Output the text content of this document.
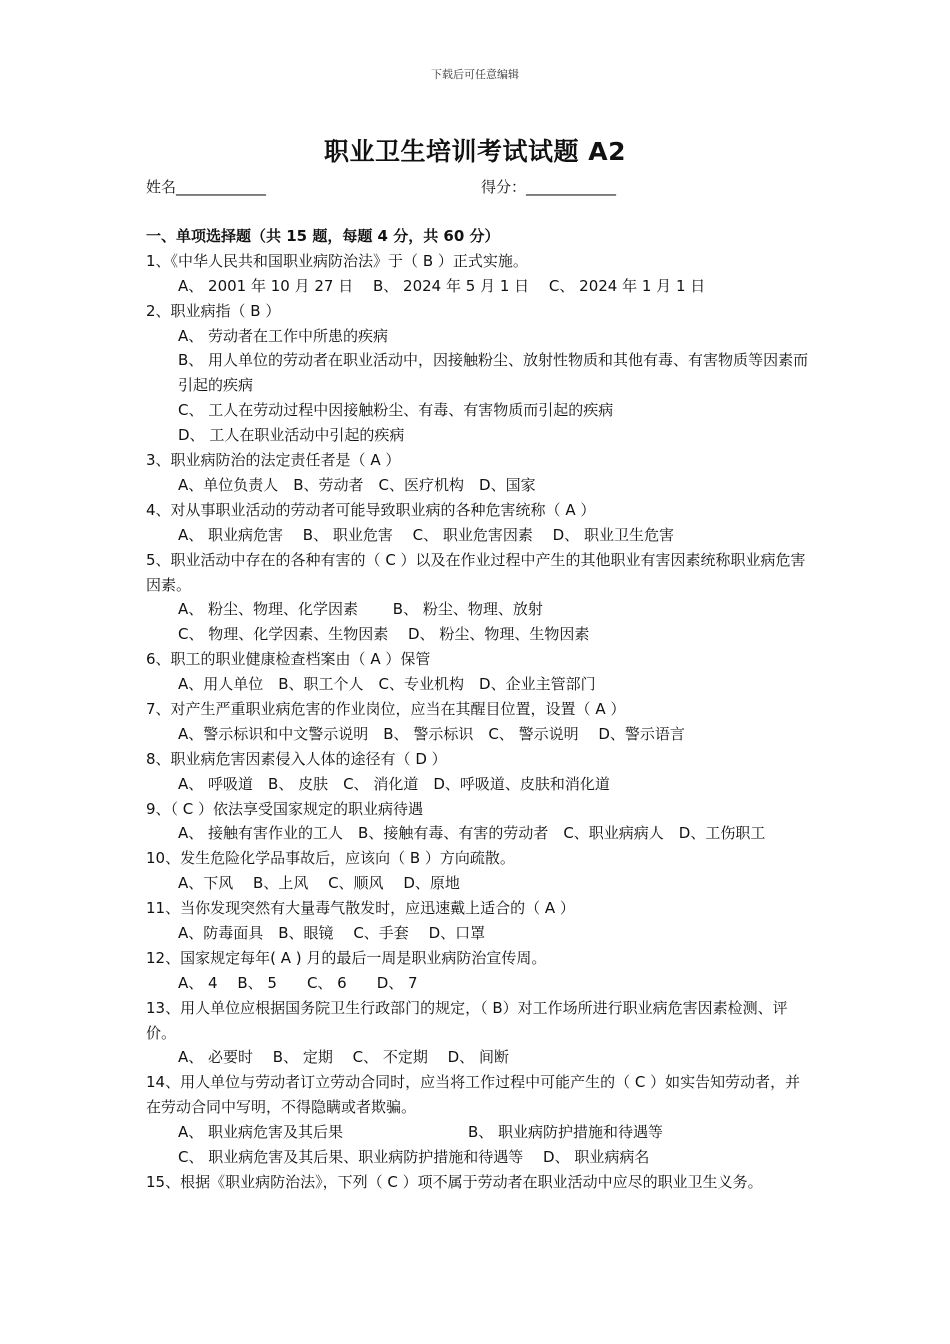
下载后可任意编辑
职业卫生培训考试试题 A2
姓名____________	得分：____________
一、单项选择题（共 15 题，每题 4 分，共 60 分）
1、《中华人民共和国职业病防治法》于（ B ）正式实施。
A、 2001 年 10 月 27 日　 B、 2024 年 5 月 1 日　 C、 2024 年 1 月 1 日
2、职业病指（ B ）
A、 劳动者在工作中所患的疾病
B、 用人单位的劳动者在职业活动中，因接触粉尘、放射性物质和其他有毒、有害物质等因素而引起的疾病
C、 工人在劳动过程中因接触粉尘、有毒、有害物质而引起的疾病
D、 工人在职业活动中引起的疾病
3、职业病防治的法定责任者是（ A ）
A、单位负责人　B、劳动者　C、医疗机构　D、国家
4、对从事职业活动的劳动者可能导致职业病的各种危害统称（ A ）
A、 职业病危害　 B、 职业危害　 C、 职业危害因素　 D、 职业卫生危害
5、职业活动中存在的各种有害的（ C ）以及在作业过程中产生的其他职业有害因素统称职业病危害因素。
A、 粉尘、物理、化学因素　　 B、 粉尘、物理、放射
C、 物理、化学因素、生物因素　 D、 粉尘、物理、生物因素
6、职工的职业健康检查档案由（ A ）保管
A、用人单位　B、职工个人　C、专业机构　D、企业主管部门
7、对产生严重职业病危害的作业岗位，应当在其醒目位置，设置（ A ）
A、警示标识和中文警示说明　B、 警示标识　C、 警示说明　 D、警示语言
8、职业病危害因素侵入人体的途径有（ D ）
A、 呼吸道　B、 皮肤　C、 消化道　D、呼吸道、皮肤和消化道
9、（ C ）依法享受国家规定的职业病待遇
A、 接触有害作业的工人　B、接触有毒、有害的劳动者　C、职业病病人　D、工伤职工
10、发生危险化学品事故后，应该向（ B ）方向疏散。
A、下风　 B、上风　 C、顺风　 D、原地
11、当你发现突然有大量毒气散发时，应迅速戴上适合的（ A ）
A、防毒面具　B、眼镜　 C、手套　 D、口罩
12、国家规定每年( A ) 月的最后一周是职业病防治宣传周。
A、 4　 B、 5　　C、 6　　D、 7
13、用人单位应根据国务院卫生行政部门的规定，（ B）对工作场所进行职业病危害因素检测、评价。
A、 必要时　 B、 定期　 C、 不定期　 D、 间断
14、用人单位与劳动者订立劳动合同时，应当将工作过程中可能产生的（ C ）如实告知劳动者，并在劳动合同中写明，不得隐瞒或者欺骗。
A、 职业病危害及其后果	B、 职业病防护措施和待遇等
C、 职业病危害及其后果、职业病防护措施和待遇等　 D、 职业病病名
15、根据《职业病防治法》，下列（ C ）项不属于劳动者在职业活动中应尽的职业卫生义务。
